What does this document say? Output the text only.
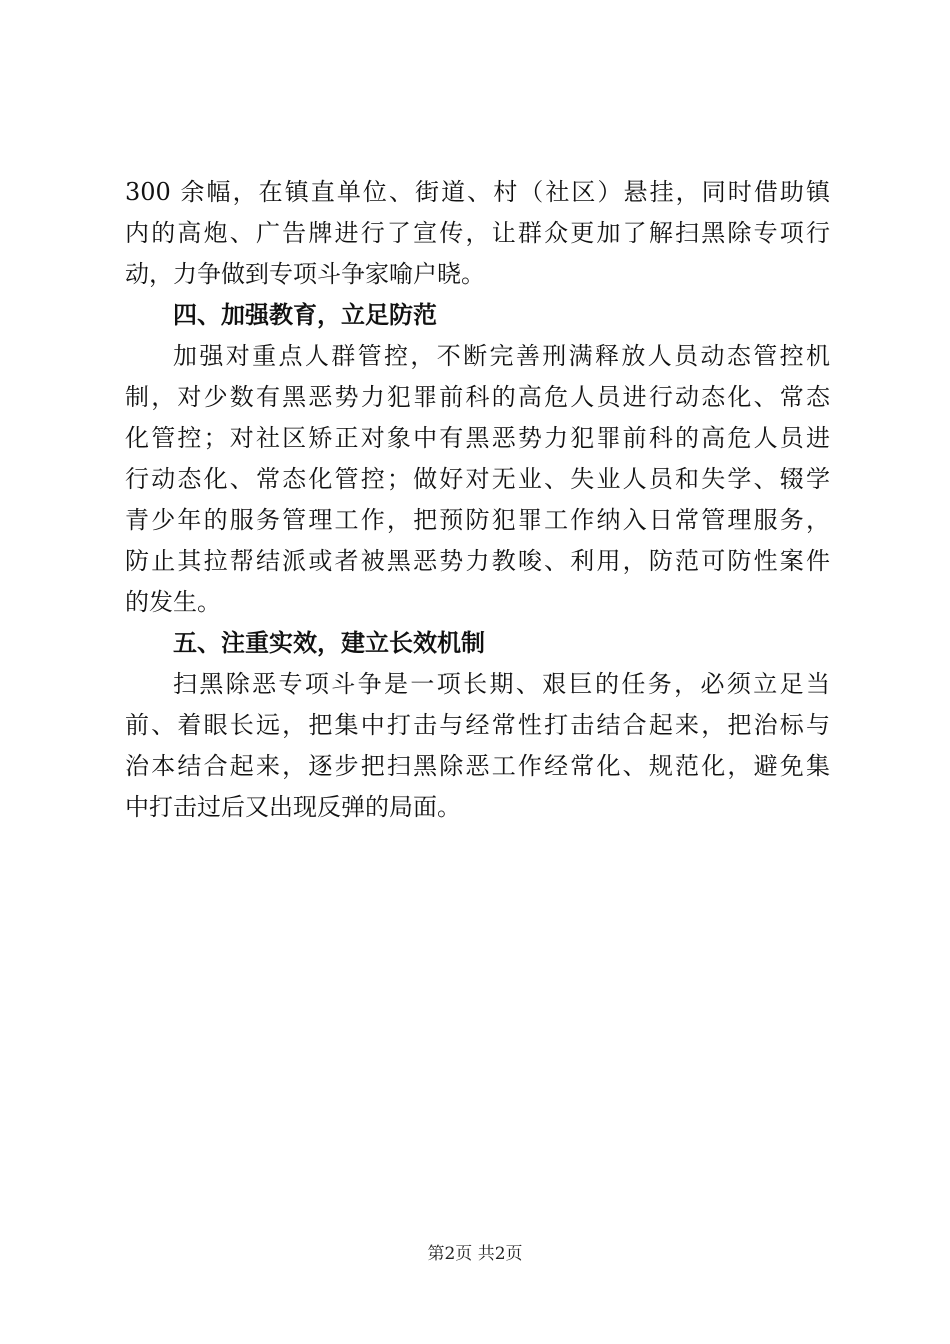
300 余幅，在镇直单位、街道、村（社区）悬挂，同时借助镇
内的高炮、广告牌进行了宣传，让群众更加了解扫黑除专项行
动，力争做到专项斗争家喻户晓。
四、加强教育，立足防范
加强对重点人群管控，不断完善刑满释放人员动态管控机
制，对少数有黑恶势力犯罪前科的高危人员进行动态化、常态
化管控；对社区矫正对象中有黑恶势力犯罪前科的高危人员进
行动态化、常态化管控；做好对无业、失业人员和失学、辍学
青少年的服务管理工作，把预防犯罪工作纳入日常管理服务，
防止其拉帮结派或者被黑恶势力教唆、利用，防范可防性案件
的发生。
五、注重实效，建立长效机制
扫黑除恶专项斗争是一项长期、艰巨的任务，必须立足当
前、着眼长远，把集中打击与经常性打击结合起来，把治标与
治本结合起来，逐步把扫黑除恶工作经常化、规范化，避免集
中打击过后又出现反弹的局面。
第2页 共2页
